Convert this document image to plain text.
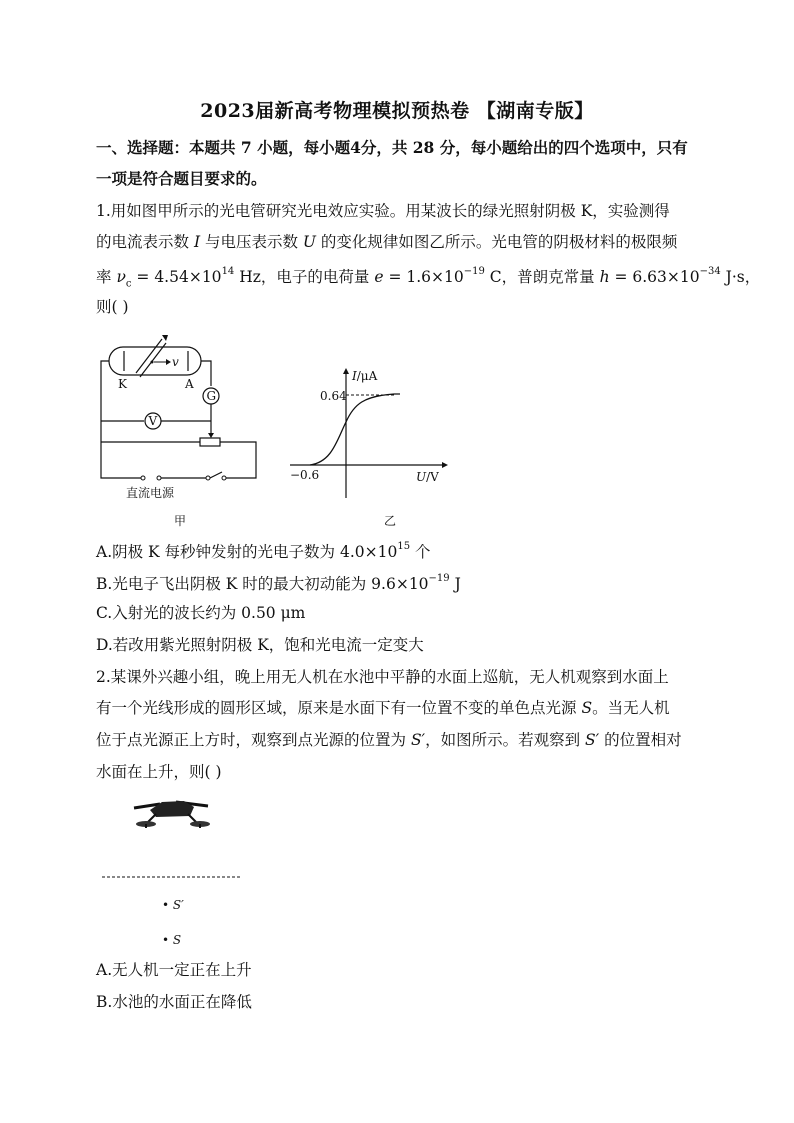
2023届新高考物理模拟预热卷 【湖南专版】
一、选择题：本题共 7 小题，每小题4分，共 28 分，每小题给出的四个选项中，只有
一项是符合题目要求的。
1.用如图甲所示的光电管研究光电效应实验。用某波长的绿光照射阴极 K，实验测得
的电流表示数 I 与电压表示数 U 的变化规律如图乙所示。光电管的阴极材料的极限频
率 $\nu_c = 4.54\times 10^{14}$ Hz，电子的电荷量 $e = 1.6\times 10^{-19}$ C，普朗克常量 $h = 6.63\times 10^{-34}$ J·s，
则( )
v
K	A
G
V
直流电源
甲
I/μA
U/V
0.64
−0.6
乙
A.阴极 K 每秒钟发射的光电子数为 $4.0\times 10^{15}$ 个
B.光电子飞出阴极 K 时的最大初动能为 $9.6\times 10^{-19}$ J
C.入射光的波长约为 0.50 μm
D.若改用紫光照射阴极 K，饱和光电流一定变大
2.某课外兴趣小组，晚上用无人机在水池中平静的水面上巡航，无人机观察到水面上
有一个光线形成的圆形区域，原来是水面下有一位置不变的单色点光源 S。当无人机
位于点光源正上方时，观察到点光源的位置为 S′，如图所示。若观察到 S′ 的位置相对
水面在上升，则( )
• S′
• S
A.无人机一定正在上升
B.水池的水面正在降低
